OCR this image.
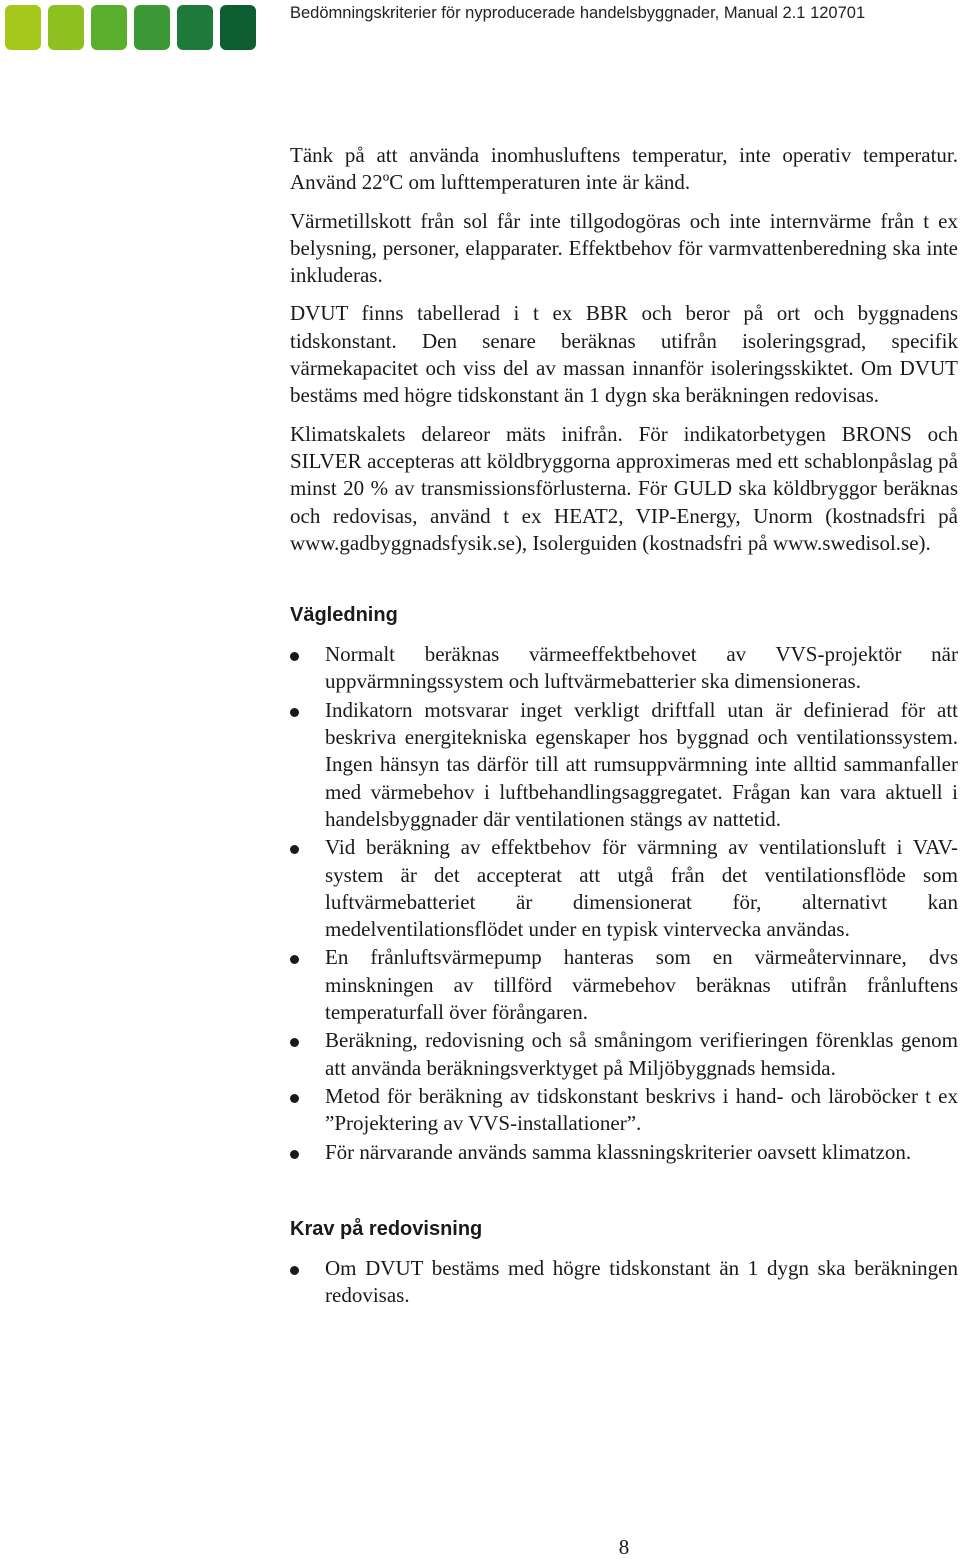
Bedömningskriterier för nyproducerade handelsbyggnader, Manual 2.1 120701

Tänk på att använda inomhusluftens temperatur, inte operativ temperatur. Använd 22ºC om lufttemperaturen inte är känd.

Värmetillskott från sol får inte tillgodogöras och inte internvärme från t ex belysning, personer, elapparater. Effektbehov för varmvattenberedning ska inte inkluderas.

DVUT finns tabellerad i t ex BBR och beror på ort och byggnadens tidskonstant. Den senare beräknas utifrån isoleringsgrad, specifik värmekapacitet och viss del av massan innanför isoleringsskiktet. Om DVUT bestäms med högre tidskonstant än 1 dygn ska beräkningen redovisas.

Klimatskalets delareor mäts inifrån. För indikatorbetygen BRONS och SILVER accepteras att köldbryggorna approximeras med ett schablonpåslag på minst 20 % av transmissionsförlusterna. För GULD ska köldbryggor beräknas och redovisas, använd t ex HEAT2, VIP-Energy, Unorm (kostnadsfri på www.gadbyggnadsfysik.se), Isolerguiden (kostnadsfri på www.swedisol.se).

Vägledning
Normalt beräknas värmeeffektbehovet av VVS-projektör när uppvärmningssystem och luftvärmebatterier ska dimensioneras.
Indikatorn motsvarar inget verkligt driftfall utan är definierad för att beskriva energitekniska egenskaper hos byggnad och ventilationssystem. Ingen hänsyn tas därför till att rumsuppvärmning inte alltid sammanfaller med värmebehov i luftbehandlingsaggregatet. Frågan kan vara aktuell i handelsbyggnader där ventilationen stängs av nattetid.
Vid beräkning av effektbehov för värmning av ventilationsluft i VAV-system är det accepterat att utgå från det ventilationsflöde som luftvärmebatteriet är dimensionerat för, alternativt kan medelventilationsflödet under en typisk vintervecka användas.
En frånluftsvärmepump hanteras som en värmeåtervinnare, dvs minskningen av tillförd värmebehov beräknas utifrån frånluftens temperaturfall över förångaren.
Beräkning, redovisning och så småningom verifieringen förenklas genom att använda beräkningsverktyget på Miljöbyggnads hemsida.
Metod för beräkning av tidskonstant beskrivs i hand- och läroböcker t ex ”Projektering av VVS-installationer”.
För närvarande används samma klassningskriterier oavsett klimatzon.
Krav på redovisning
Om DVUT bestäms med högre tidskonstant än 1 dygn ska beräkningen redovisas.
8
